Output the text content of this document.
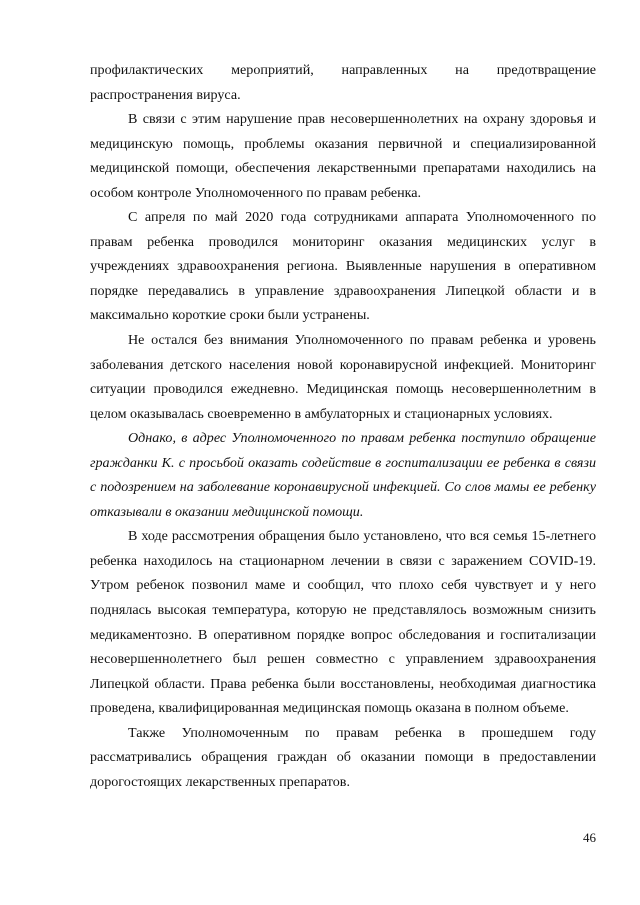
профилактических мероприятий, направленных на предотвращение распространения вируса.

В связи с этим нарушение прав несовершеннолетних на охрану здоровья и медицинскую помощь, проблемы оказания первичной и специализированной медицинской помощи, обеспечения лекарственными препаратами находились на особом контроле Уполномоченного по правам ребенка.

С апреля по май 2020 года сотрудниками аппарата Уполномоченного по правам ребенка проводился мониторинг оказания медицинских услуг в учреждениях здравоохранения региона. Выявленные нарушения в оперативном порядке передавались в управление здравоохранения Липецкой области и в максимально короткие сроки были устранены.

Не остался без внимания Уполномоченного по правам ребенка и уровень заболевания детского населения новой коронавирусной инфекцией. Мониторинг ситуации проводился ежедневно. Медицинская помощь несовершеннолетним в целом оказывалась своевременно в амбулаторных и стационарных условиях.

Однако, в адрес Уполномоченного по правам ребенка поступило обращение гражданки К. с просьбой оказать содействие в госпитализации ее ребенка в связи с подозрением на заболевание коронавирусной инфекцией. Со слов мамы ее ребенку отказывали в оказании медицинской помощи.

В ходе рассмотрения обращения было установлено, что вся семья 15-летнего ребенка находилось на стационарном лечении в связи с заражением COVID-19. Утром ребенок позвонил маме и сообщил, что плохо себя чувствует и у него поднялась высокая температура, которую не представлялось возможным снизить медикаментозно. В оперативном порядке вопрос обследования и госпитализации несовершеннолетнего был решен совместно с управлением здравоохранения Липецкой области. Права ребенка были восстановлены, необходимая диагностика проведена, квалифицированная медицинская помощь оказана в полном объеме.

Также Уполномоченным по правам ребенка в прошедшем году рассматривались обращения граждан об оказании помощи в предоставлении дорогостоящих лекарственных препаратов.

46
